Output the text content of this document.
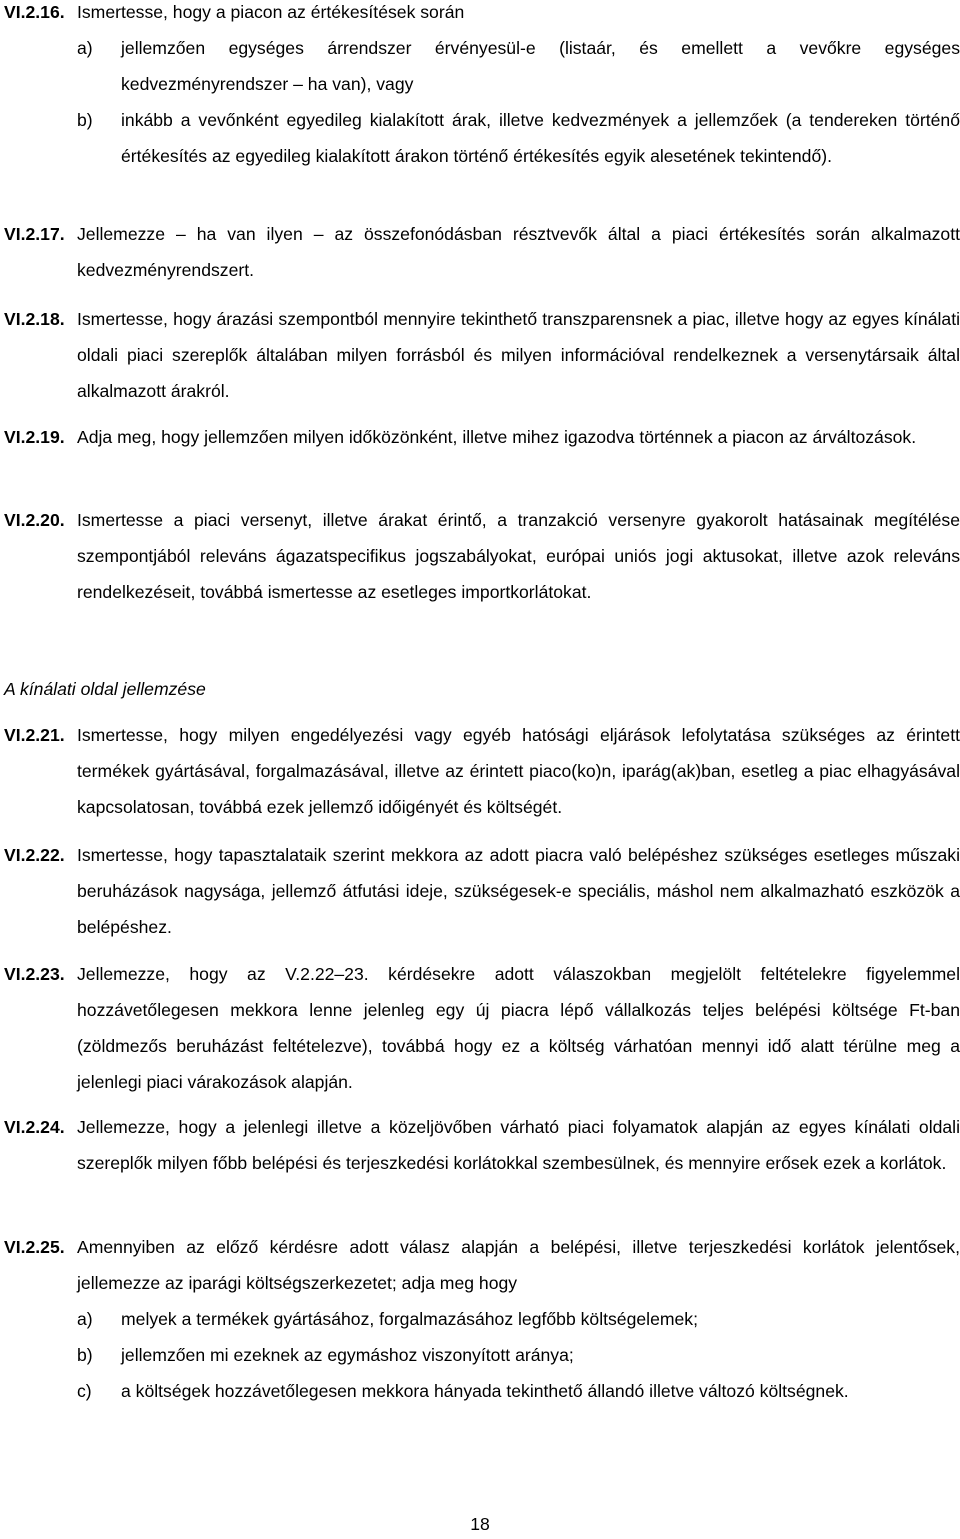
VI.2.16. Ismertesse, hogy a piacon az értékesítések során
a) jellemzően egységes árrendszer érvényesül-e (listaár, és emellett a vevőkre egységes kedvezményrendszer – ha van), vagy
b) inkább a vevőnként egyedileg kialakított árak, illetve kedvezmények a jellemzőek (a tendereken történő értékesítés az egyedileg kialakított árakon történő értékesítés egyik alesetének tekintendő).
VI.2.17. Jellemezze – ha van ilyen – az összefonódásban résztvevők által a piaci értékesítés során alkalmazott kedvezményrendszert.
VI.2.18. Ismertesse, hogy árazási szempontból mennyire tekinthető transzparensnek a piac, illetve hogy az egyes kínálati oldali piaci szereplők általában milyen forrásból és milyen információval rendelkeznek a versenytársaik által alkalmazott árakról.
VI.2.19. Adja meg, hogy jellemzően milyen időközönként, illetve mihez igazodva történnek a piacon az árváltozások.
VI.2.20. Ismertesse a piaci versenyt, illetve árakat érintő, a tranzakció versenyre gyakorolt hatásainak megítélése szempontjából releváns ágazatspecifikus jogszabályokat, európai uniós jogi aktusokat, illetve azok releváns rendelkezéseit, továbbá ismertesse az esetleges importkorlátokat.
A kínálati oldal jellemzése
VI.2.21. Ismertesse, hogy milyen engedélyezési vagy egyéb hatósági eljárások lefolytatása szükséges az érintett termékek gyártásával, forgalmazásával, illetve az érintett piaco(ko)n, iparág(ak)ban, esetleg a piac elhagyásával kapcsolatosan, továbbá ezek jellemző időigényét és költségét.
VI.2.22. Ismertesse, hogy tapasztalataik szerint mekkora az adott piacra való belépéshez szükséges esetleges műszaki beruházások nagysága, jellemző átfutási ideje, szükségesek-e speciális, máshol nem alkalmazható eszközök a belépéshez.
VI.2.23. Jellemezze, hogy az V.2.22–23. kérdésekre adott válaszokban megjelölt feltételekre figyelemmel hozzávetőlegesen mekkora lenne jelenleg egy új piacra lépő vállalkozás teljes belépési költsége Ft-ban (zöldmezős beruházást feltételezve), továbbá hogy ez a költség várhatóan mennyi idő alatt térülne meg a jelenlegi piaci várakozások alapján.
VI.2.24. Jellemezze, hogy a jelenlegi illetve a közeljövőben várható piaci folyamatok alapján az egyes kínálati oldali szereplők milyen főbb belépési és terjeszkedési korlátokkal szembesülnek, és mennyire erősek ezek a korlátok.
VI.2.25. Amennyiben az előző kérdésre adott válasz alapján a belépési, illetve terjeszkedési korlátok jelentősek, jellemezze az iparági költségszerkezetet; adja meg hogy
a) melyek a termékek gyártásához, forgalmazásához legfőbb költségelemek;
b) jellemzően mi ezeknek az egymáshoz viszonyított aránya;
c) a költségek hozzávetőlegesen mekkora hányada tekinthető állandó illetve változó költségnek.
18
